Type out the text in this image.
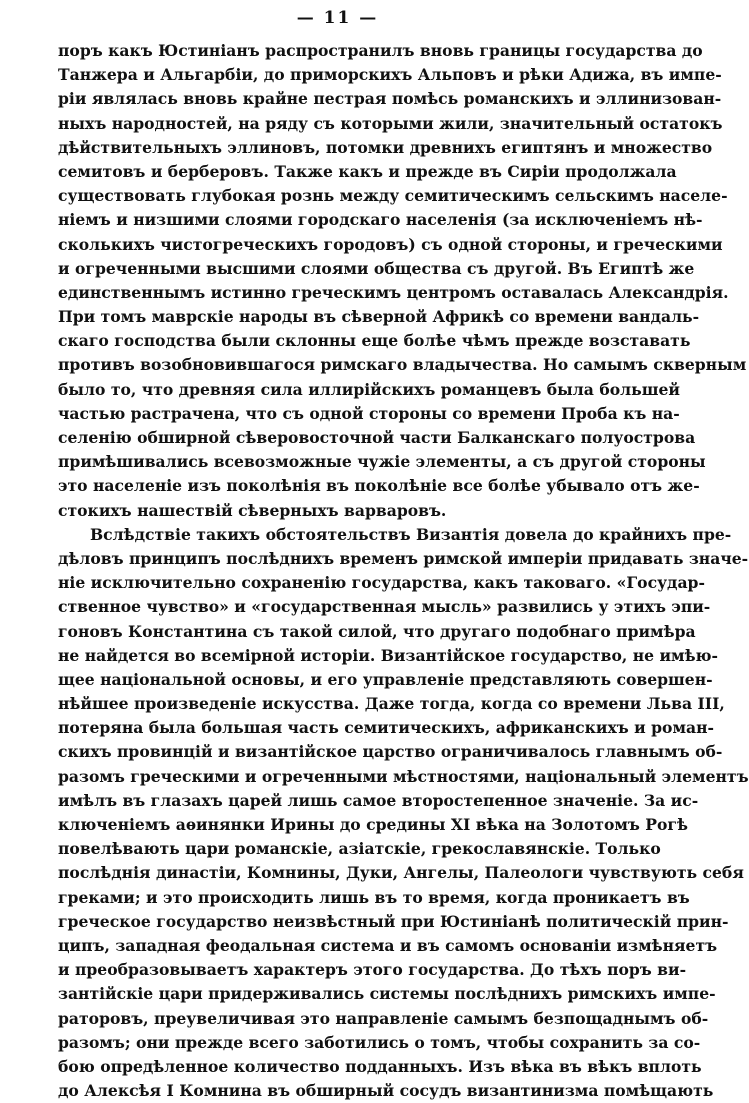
— 11 —
поръ какъ Юстиніанъ распространилъ вновь границы государства до
Танжера и Альгарбіи, до приморскихъ Альповъ и рѣки Адижа, въ импе-
ріи являлась вновь крайне пестрая помѣсь романскихъ и эллинизован-
ныхъ народностей, на ряду съ которыми жили, значительный остатокъ
дѣйствительныхъ эллиновъ, потомки древнихъ египтянъ и множество
семитовъ и берберовъ. Также какъ и прежде въ Сиріи продолжала
существовать глубокая рознь между семитическимъ сельскимъ населе-
ніемъ и низшими слоями городскаго населенія (за исключеніемъ нѣ-
сколькихъ чистогреческихъ городовъ) съ одной стороны, и греческими
и огреченными высшими слоями общества съ другой. Въ Египтѣ же
единственнымъ истинно греческимъ центромъ оставалась Александрія.
При томъ маврскіе народы въ сѣверной Африкѣ со времени вандаль-
скаго господства были склонны еще болѣе чѣмъ прежде возставать
противъ возобновившагося римскаго владычества. Но самымъ скверным
было то, что древняя сила иллирійскихъ романцевъ была большей
частью растрачена, что съ одной стороны со времени Проба къ на-
селенію обширной сѣверовосточной части Балканскаго полуострова
примѣшивались всевозможные чужіе элементы, а съ другой стороны
это населеніе изъ поколѣнія въ поколѣніе все болѣе убывало отъ же-
стокихъ нашествій сѣверныхъ варваровъ.
Вслѣдствіе такихъ обстоятельствъ Византія довела до крайнихъ пре-
дѣловъ принципъ послѣднихъ временъ римской имперіи придавать значе-
ніе исключительно сохраненію государства, какъ таковаго. «Государ-
ственное чувство» и «государственная мысль» развились у этихъ эпи-
гоновъ Константина съ такой силой, что другаго подобнаго примѣра
не найдется во всемірной исторіи. Византійское государство, не имѣю-
щее національной основы, и его управленіе представляють совершен-
нѣйшее произведеніе искусства. Даже тогда, когда со времени Льва III,
потеряна была большая часть семитическихъ, африканскихъ и роман-
скихъ провинцій и византійское царство ограничивалось главнымъ об-
разомъ греческими и огреченными мѣстностями, національный элементъ
имѣлъ въ глазахъ царей лишь самое второстепенное значеніе. За ис-
ключеніемъ аѳинянки Ирины до средины XI вѣка на Золотомъ Рогѣ
повелѣвають цари романскіе, азіатскіе, грекославянскіе. Только
послѣднія династіи, Комнины, Дуки, Ангелы, Палеологи чувствують себя
греками; и это происходить лишь въ то время, когда проникаетъ въ
греческое государство неизвѣстный при Юстиніанѣ политическій прин-
ципъ, западная феодальная система и въ самомъ основаніи измѣняетъ
и преобразовываетъ характеръ этого государства. До тѣхъ поръ ви-
зантійскіе цари придерживались системы послѣднихъ римскихъ импе-
раторовъ, преувеличивая это направленіе самымъ безпощаднымъ об-
разомъ; они прежде всего заботились о томъ, чтобы сохранить за со-
бою опредѣленное количество подданныхъ. Изъ вѣка въ вѣкъ вплоть
до Алексѣя I Комнина въ обширный сосудъ византинизма помѣщають
